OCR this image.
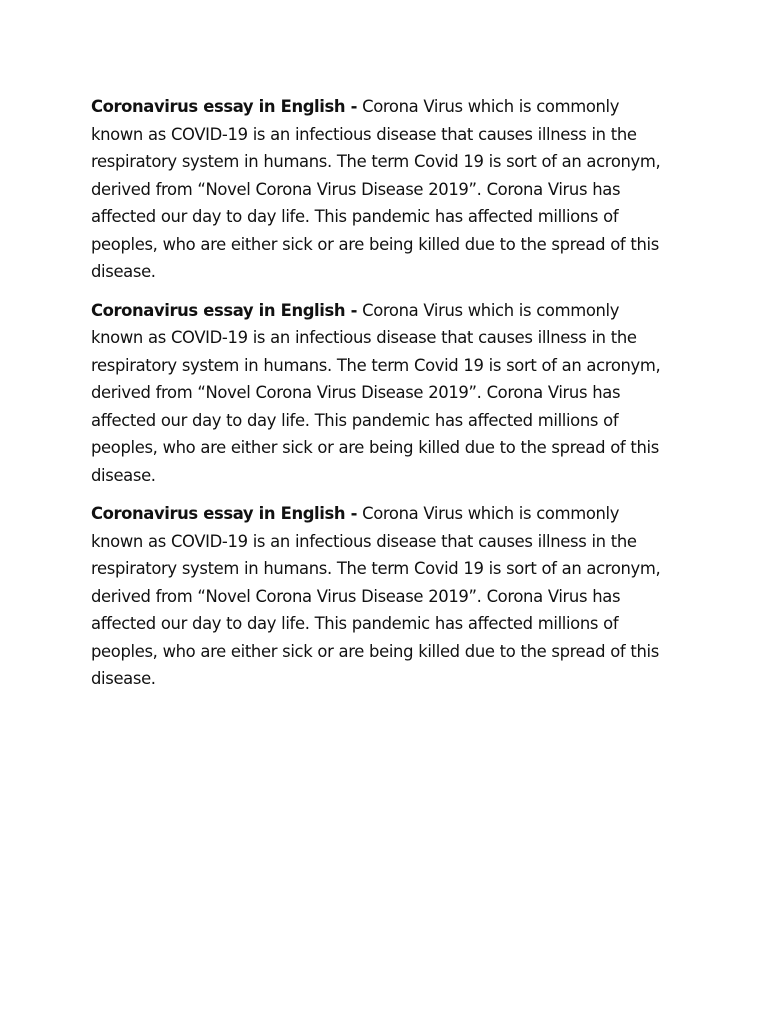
Coronavirus essay in English - Corona Virus which is commonly known as COVID-19 is an infectious disease that causes illness in the respiratory system in humans. The term Covid 19 is sort of an acronym, derived from “Novel Corona Virus Disease 2019”. Corona Virus has affected our day to day life. This pandemic has affected millions of peoples, who are either sick or are being killed due to the spread of this disease.

Coronavirus essay in English - Corona Virus which is commonly known as COVID-19 is an infectious disease that causes illness in the respiratory system in humans. The term Covid 19 is sort of an acronym, derived from “Novel Corona Virus Disease 2019”. Corona Virus has affected our day to day life. This pandemic has affected millions of peoples, who are either sick or are being killed due to the spread of this disease.

Coronavirus essay in English - Corona Virus which is commonly known as COVID-19 is an infectious disease that causes illness in the respiratory system in humans. The term Covid 19 is sort of an acronym, derived from “Novel Corona Virus Disease 2019”. Corona Virus has affected our day to day life. This pandemic has affected millions of peoples, who are either sick or are being killed due to the spread of this disease.
